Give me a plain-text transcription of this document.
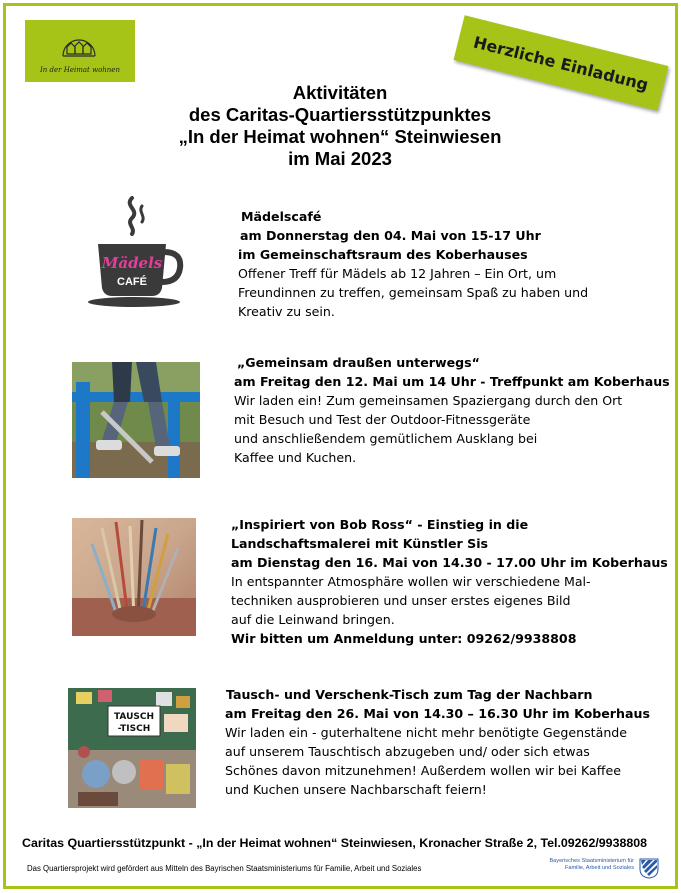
In der Heimat wohnen	Herzliche Einladung
Aktivitäten
des Caritas-Quartiersstützpunktes
„In der Heimat wohnen“ Steinwiesen
im Mai 2023
Mädels
CAFÉ
Mädelscafé
am Donnerstag den 04. Mai von 15-17 Uhr
im Gemeinschaftsraum des Koberhauses
Offener Treff für Mädels ab 12 Jahren – Ein Ort, um
Freundinnen zu treffen, gemeinsam Spaß zu haben und
Kreativ zu sein.
„Gemeinsam draußen unterwegs“
am Freitag den 12. Mai um 14 Uhr - Treffpunkt am Koberhaus
Wir laden ein! Zum gemeinsamen Spaziergang durch den Ort
mit Besuch und Test der Outdoor-Fitnessgeräte
und anschließendem gemütlichem Ausklang bei
Kaffee und Kuchen.
„Inspiriert von Bob Ross“ - Einstieg in die
Landschaftsmalerei mit Künstler Sis
am Dienstag den 16. Mai von 14.30 - 17.00 Uhr im Koberhaus
In entspannter Atmosphäre wollen wir verschiedene Mal-
techniken ausprobieren und unser erstes eigenes Bild
auf die Leinwand bringen.
Wir bitten um Anmeldung unter: 09262/9938808
TAUSCH
-TISCH
Tausch- und Verschenk-Tisch zum Tag der Nachbarn
am Freitag den 26. Mai von 14.30 – 16.30 Uhr im Koberhaus
Wir laden ein - guterhaltene nicht mehr benötigte Gegenstände
auf unserem Tauschtisch abzugeben und/ oder sich etwas
Schönes davon mitzunehmen! Außerdem wollen wir bei Kaffee
und Kuchen unsere Nachbarschaft feiern!
Caritas Quartiersstützpunkt - „In der Heimat wohnen“ Steinwiesen, Kronacher Straße 2, Tel.09262/9938808
Das Quartiersprojekt wird gefördert aus Mitteln des Bayrischen Staatsministeriums für Familie, Arbeit und Soziales
Bayerisches Staatsministerium für
Familie, Arbeit und Soziales
